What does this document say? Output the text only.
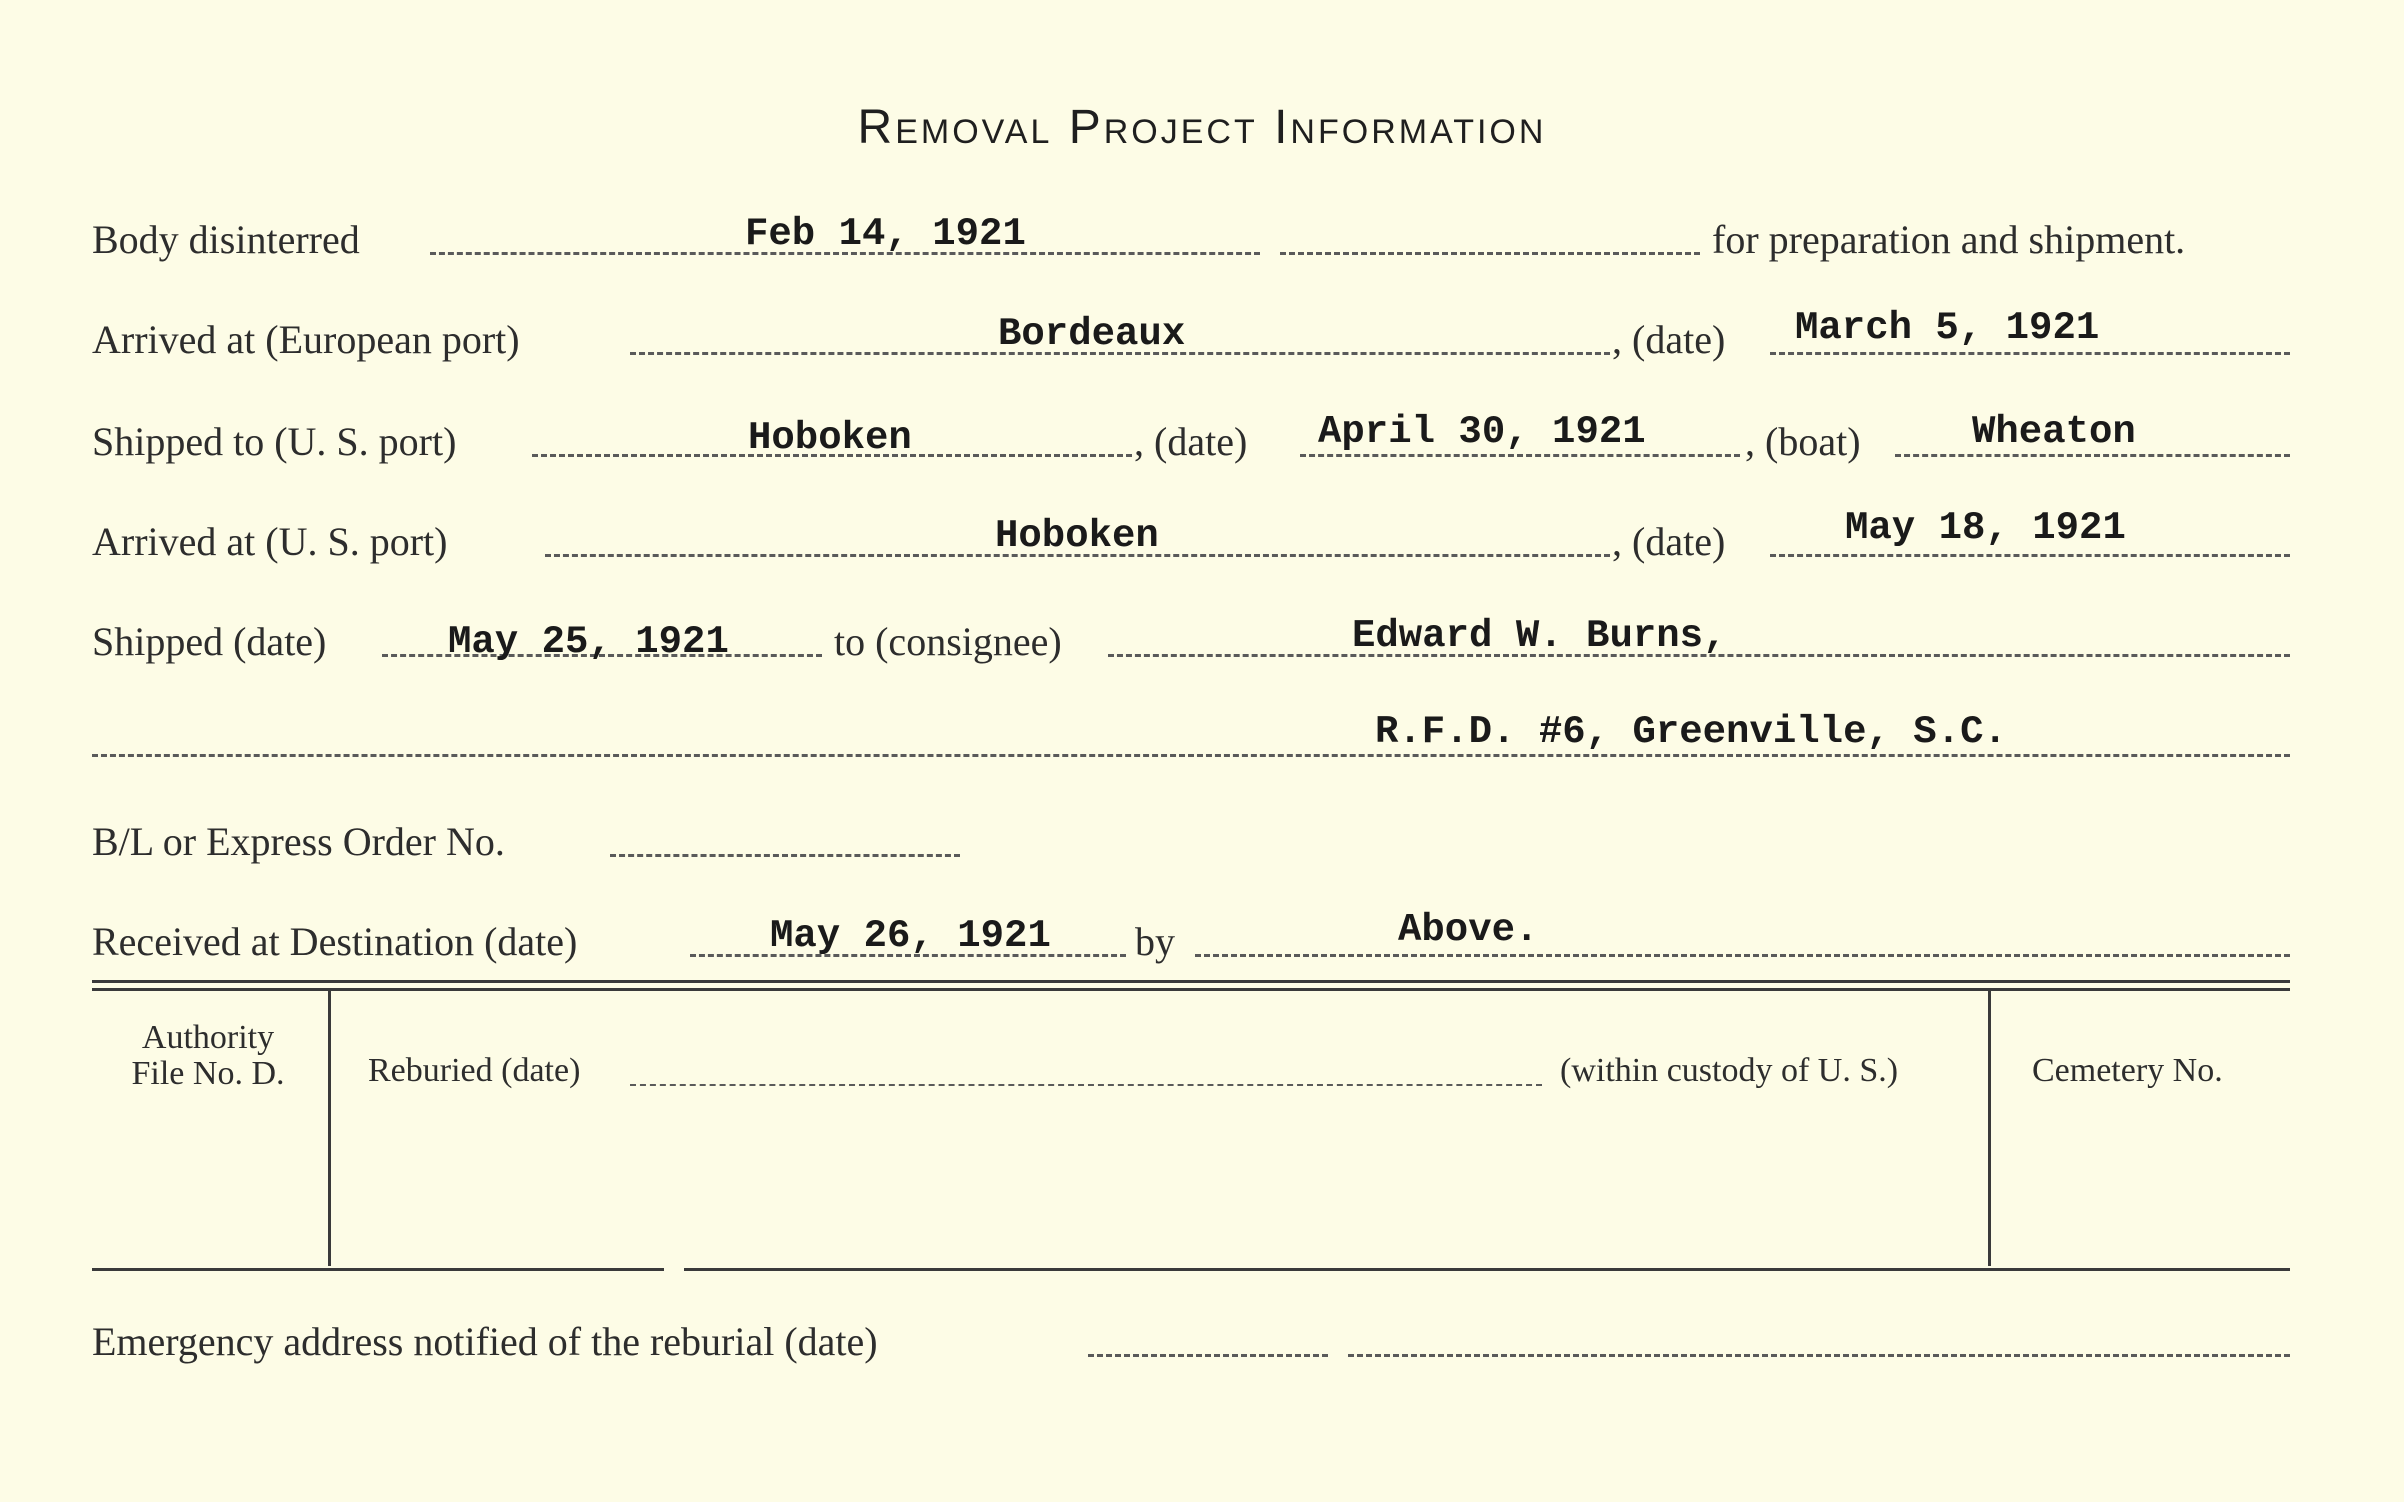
Removal Project Information
Body disinterred	Feb 14, 1921	for preparation and shipment.
Arrived at (European port)	Bordeaux	, (date) March 5, 1921
Shipped to (U. S. port)	Hoboken	, (date) April 30, 1921 , (boat)	Wheaton
Arrived at (U. S. port)	Hoboken	, (date)	May 18, 1921
Shipped (date)	May 25, 1921	to (consignee)	Edward W. Burns,
R.F.D. #6, Greenville, S.C.
B/L or Express Order No.
Received at Destination (date)	May 26, 1921 by	Above.
Authority
File No. D.	Reburied (date)	(within custody of U. S.)	Cemetery No.
Emergency address notified of the reburial (date)
